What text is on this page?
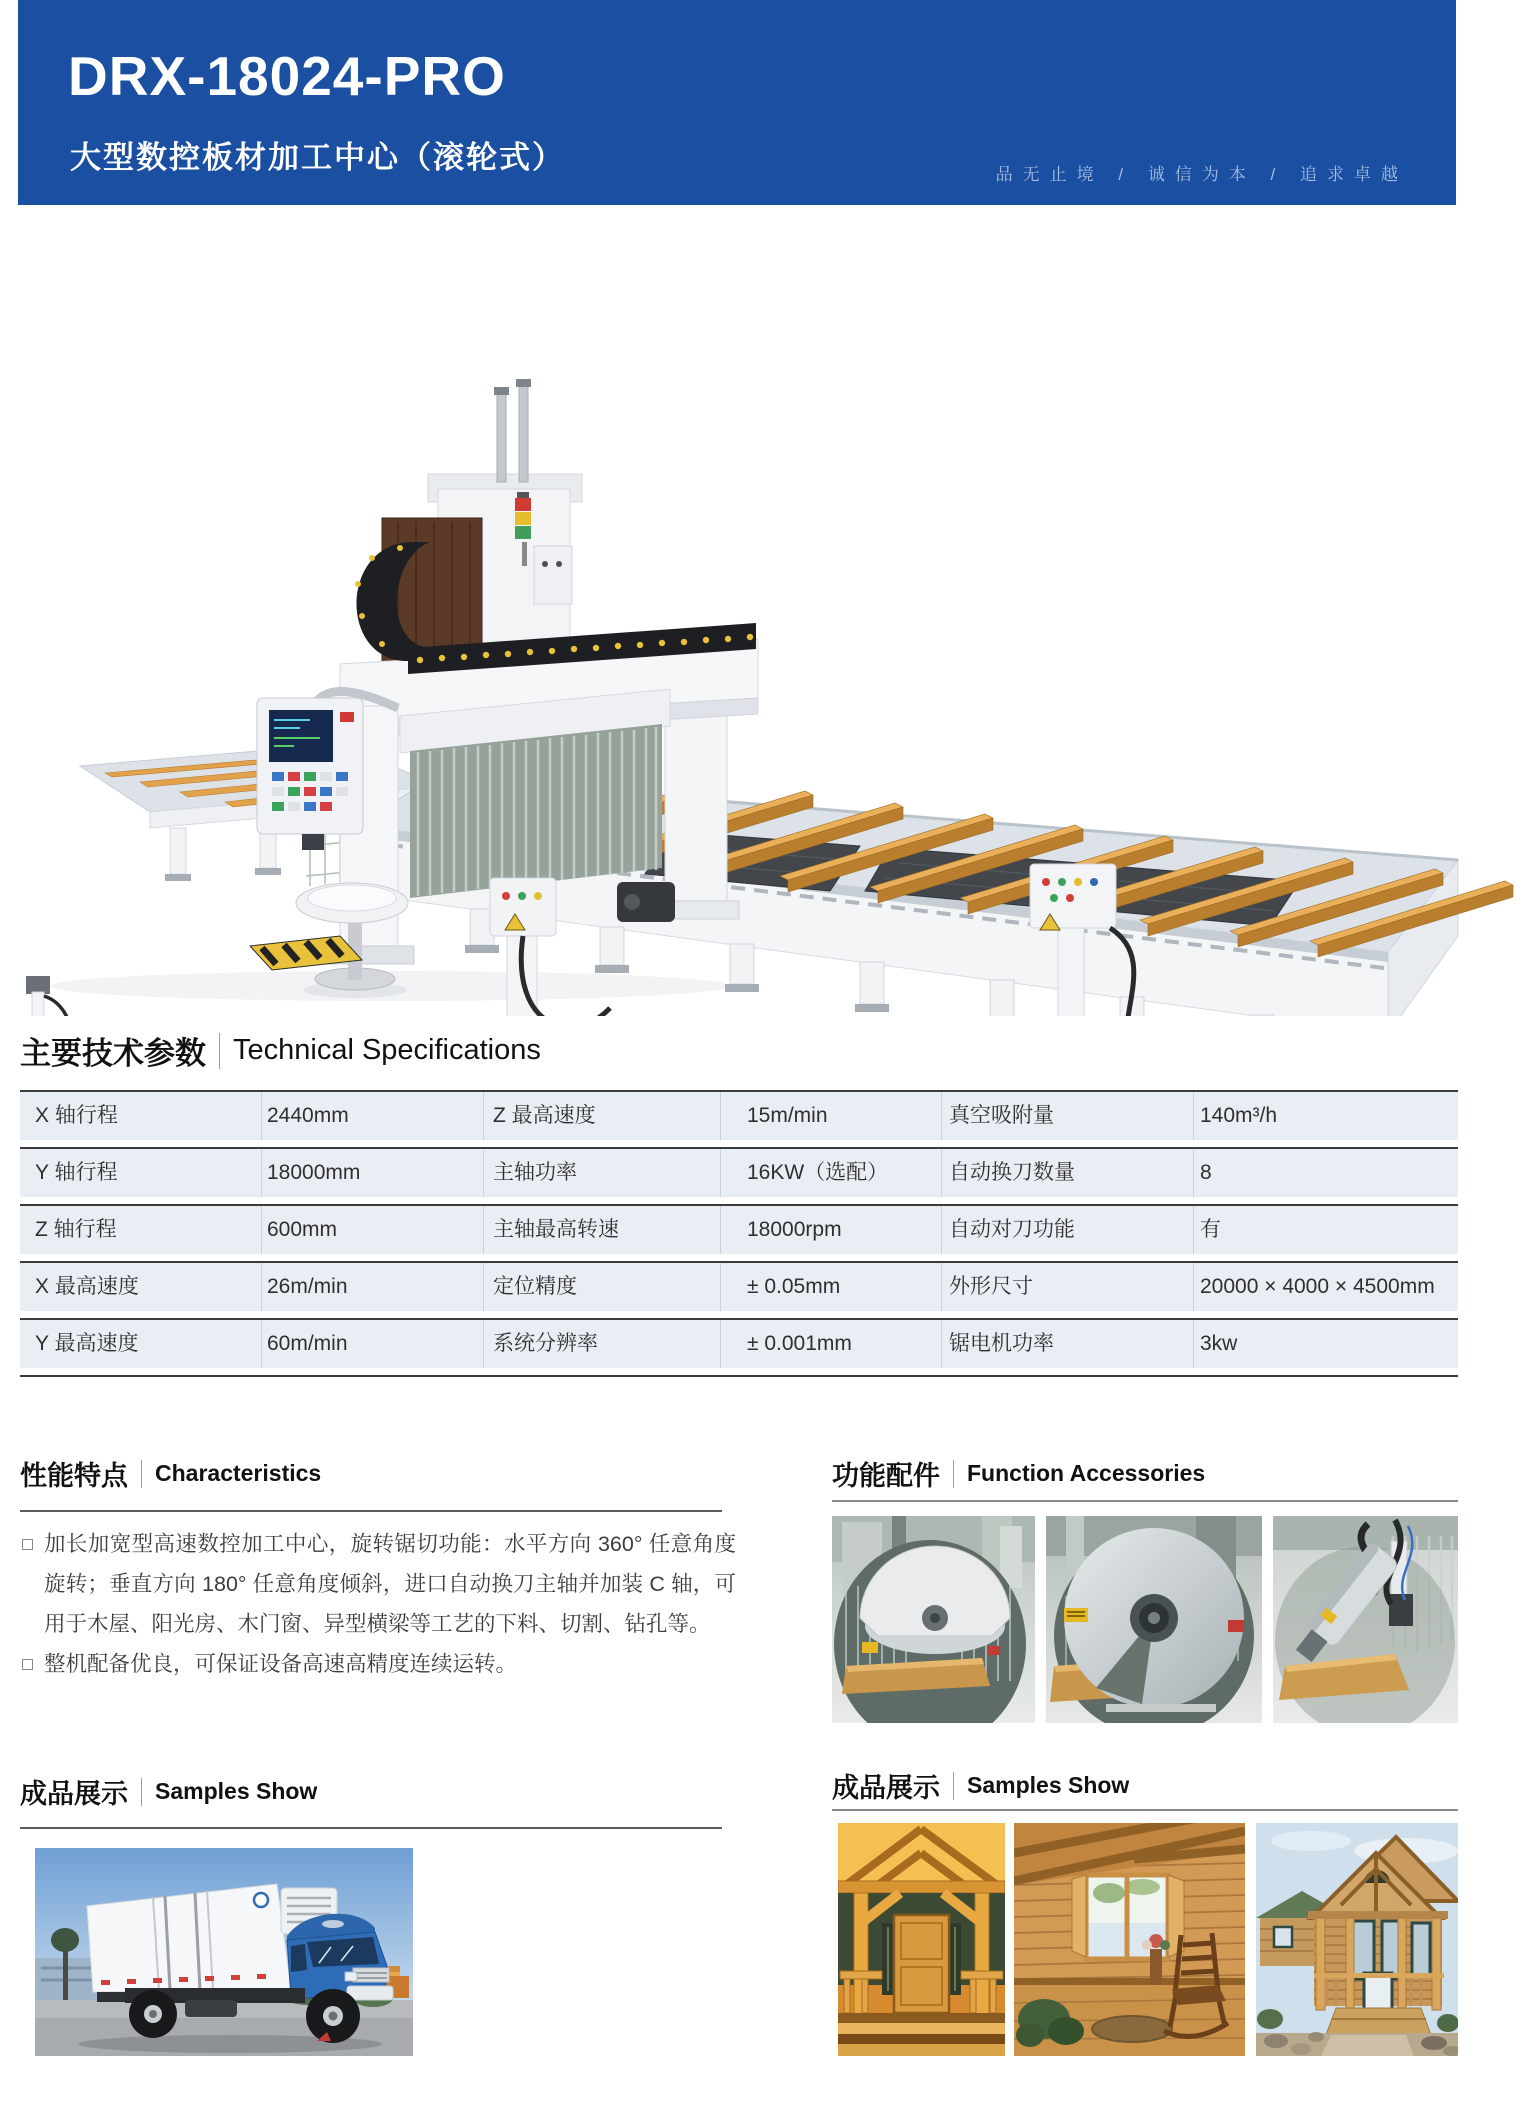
DRX-18024-PRO
大型数控板材加工中心（滚轮式）	品无止境 / 诚信为本 / 追求卓越
主要技术参数 Technical Specifications
X 轴行程	2440mm	Z 最高速度	15m/min	真空吸附量	140m³/h
Y 轴行程	18000mm	主轴功率	16KW（选配）	自动换刀数量	8
Z 轴行程	600mm	主轴最高转速	18000rpm	自动对刀功能	有
X 最高速度	26m/min	定位精度	± 0.05mm	外形尺寸	20000 × 4000 × 4500mm
Y 最高速度	60m/min	系统分辨率	± 0.001mm	锯电机功率	3kw
性能特点 Characteristics
加长加宽型高速数控加工中心，旋转锯切功能：水平方向 360° 任意角度旋转；垂直方向 180° 任意角度倾斜，进口自动换刀主轴并加装 C 轴，可用于木屋、阳光房、木门窗、异型横梁等工艺的下料、切割、钻孔等。
整机配备优良，可保证设备高速高精度连续运转。
功能配件 Function Accessories
成品展示 Samples Show	成品展示 Samples Show
